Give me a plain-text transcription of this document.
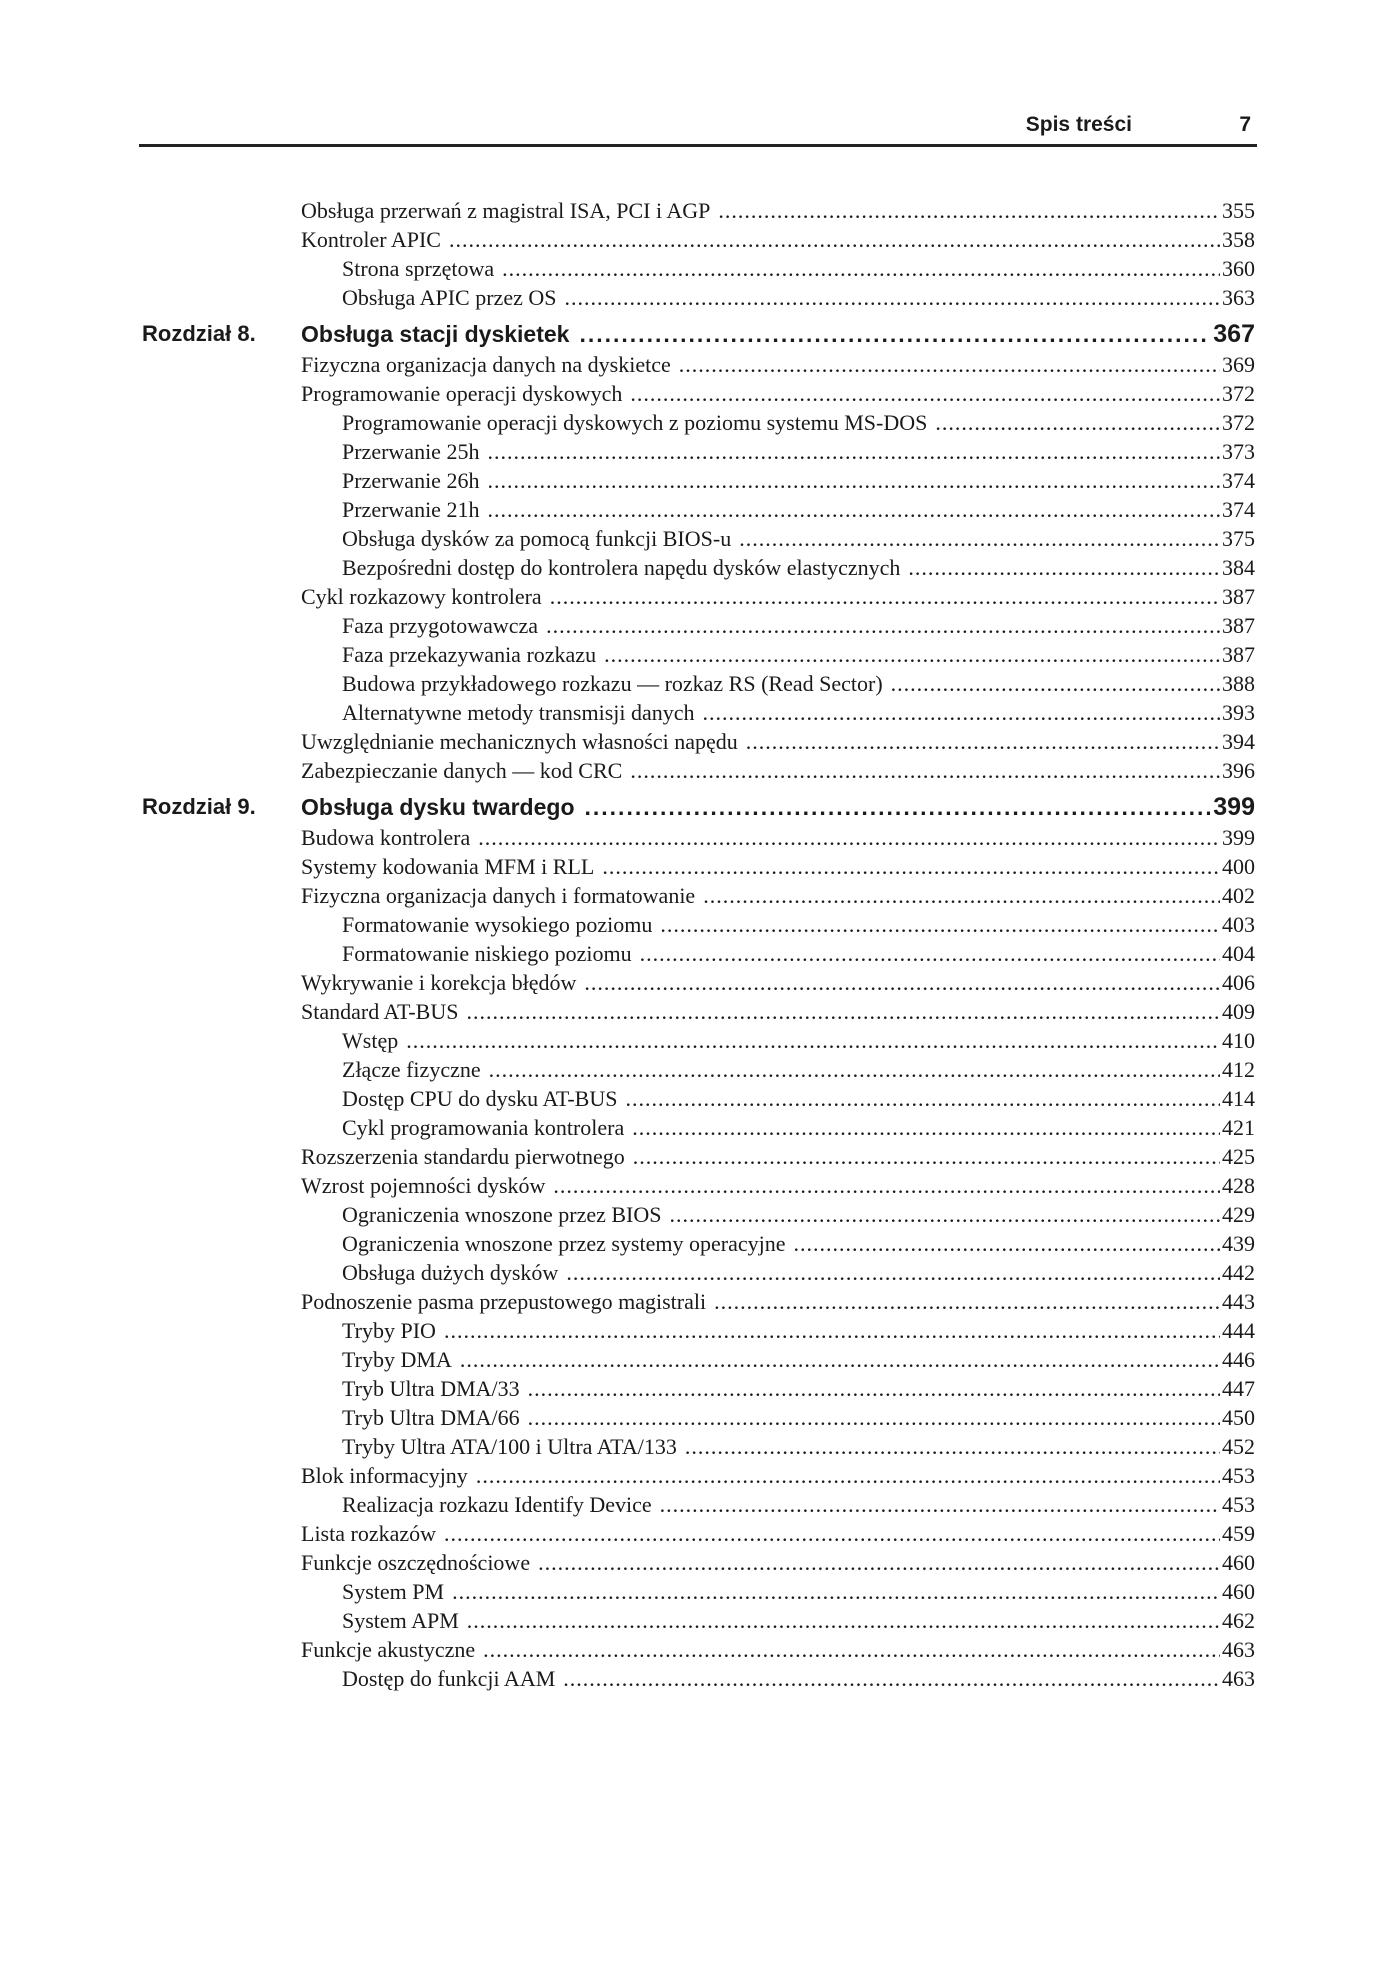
Spis treści	7
Obsługa przerwań z magistral ISA, PCI i AGP .....	355
Kontroler APIC .....	358
Strona sprzętowa .....	360
Obsługa APIC przez OS .....	363
Rozdział 8. Obsługa stacji dyskietek .....	367
Fizyczna organizacja danych na dyskietce .....	369
Programowanie operacji dyskowych .....	372
Programowanie operacji dyskowych z poziomu systemu MS-DOS .....	372
Przerwanie 25h .....	373
Przerwanie 26h .....	374
Przerwanie 21h .....	374
Obsługa dysków za pomocą funkcji BIOS-u .....	375
Bezpośredni dostęp do kontrolera napędu dysków elastycznych .....	384
Cykl rozkazowy kontrolera .....	387
Faza przygotowawcza .....	387
Faza przekazywania rozkazu .....	387
Budowa przykładowego rozkazu — rozkaz RS (Read Sector) .....	388
Alternatywne metody transmisji danych .....	393
Uwzględnianie mechanicznych własności napędu .....	394
Zabezpieczanie danych — kod CRC .....	396
Rozdział 9. Obsługa dysku twardego .....	399
Budowa kontrolera .....	399
Systemy kodowania MFM i RLL .....	400
Fizyczna organizacja danych i formatowanie .....	402
Formatowanie wysokiego poziomu .....	403
Formatowanie niskiego poziomu .....	404
Wykrywanie i korekcja błędów .....	406
Standard AT-BUS .....	409
Wstęp .....	410
Złącze fizyczne .....	412
Dostęp CPU do dysku AT-BUS .....	414
Cykl programowania kontrolera .....	421
Rozszerzenia standardu pierwotnego .....	425
Wzrost pojemności dysków .....	428
Ograniczenia wnoszone przez BIOS .....	429
Ograniczenia wnoszone przez systemy operacyjne .....	439
Obsługa dużych dysków .....	442
Podnoszenie pasma przepustowego magistrali .....	443
Tryby PIO .....	444
Tryby DMA .....	446
Tryb Ultra DMA/33 .....	447
Tryb Ultra DMA/66 .....	450
Tryby Ultra ATA/100 i Ultra ATA/133 .....	452
Blok informacyjny .....	453
Realizacja rozkazu Identify Device .....	453
Lista rozkazów .....	459
Funkcje oszczędnościowe .....	460
System PM .....	460
System APM .....	462
Funkcje akustyczne .....	463
Dostęp do funkcji AAM .....	463
